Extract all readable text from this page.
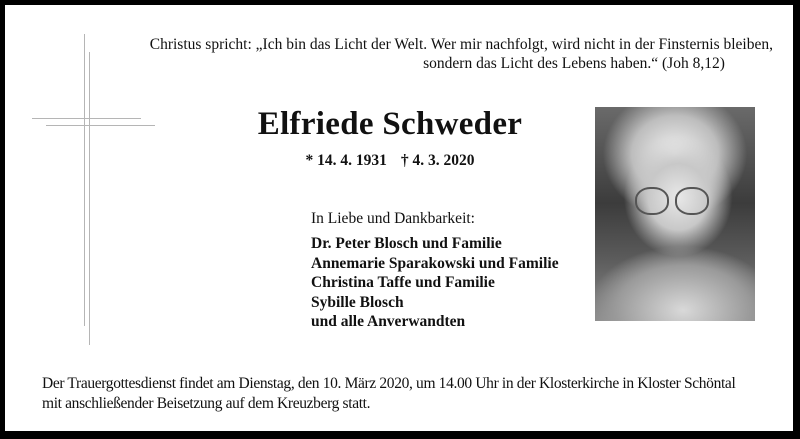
Christus spricht: „Ich bin das Licht der Welt. Wer mir nachfolgt, wird nicht in der Finsternis bleiben,
sondern das Licht des Lebens haben.“ (Joh 8,12)
Elfriede Schweder
* 14. 4. 1931 † 4. 3. 2020
In Liebe und Dankbarkeit:
Dr. Peter Blosch und Familie
Annemarie Sparakowski und Familie
Christina Taffe und Familie
Sybille Blosch
und alle Anverwandten
Der Trauergottesdienst findet am Dienstag, den 10. März 2020, um 14.00 Uhr in der Klosterkirche in Kloster Schöntal
mit anschließender Beisetzung auf dem Kreuzberg statt.
